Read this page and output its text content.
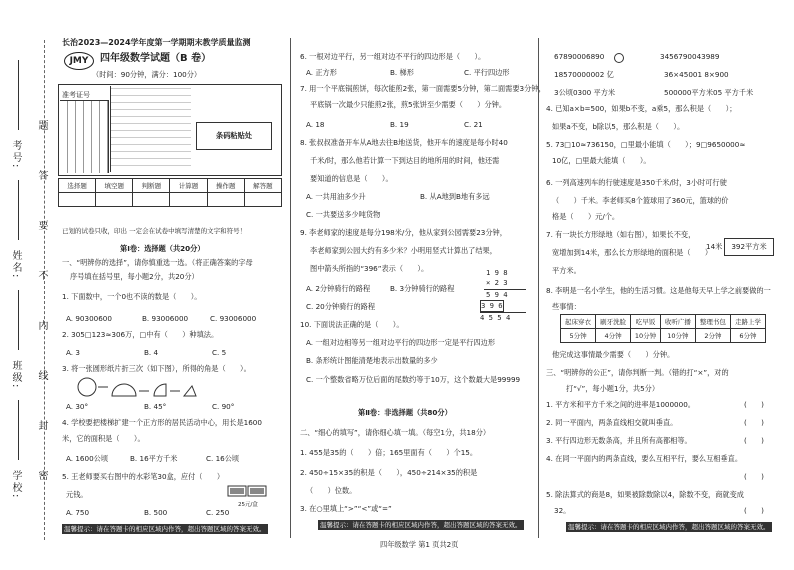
学校:
班级:
姓名:
考号:
密
封
线
内
不
要
答
题
长治2023—2024学年度第一学期期末教学质量监测
JMY	四年级数学试题（B 卷）
（时间：90分钟，满分：100分）
准考证号
条码粘贴处
选择题	填空题	判断题	计算题	操作题	解答题

已划的试卷只收，印出 一定会在试卷中填写清楚的文字和符号！
第Ⅰ卷：选择题（共20分）
一、“明辨你的选择”，请你慎重选一选。（将正确答案的字母
序号填在括号里，每小题2分，共20分）
1. 下面数中，一个0也不读的数是（　　）。
A. 90300600	B. 93006000	C. 93006000
2. 305□123≈306万，□中有（　　）种填法。
A. 3	B. 4	C. 5
3. 将一张圆形纸片折三次（如下图），所得的角是（　　）。
A. 30°	B. 45°	C. 90°
4. 学校要把楼梯扩建一个正方形的居民活动中心，用长是1600
米，它的面积是（　　）。
A. 1600公顷	B. 16平方千米	C. 16公顷
5. 王老师要买右图中的水彩笔30盒，应付（　　）
元钱。
25元/盒
A. 750	B. 500	C. 250
温馨提示：请在答题卡的相应区域内作答，超出答题区域的答案无效。
6. 一根对边平行，另一组对边不平行的四边形是（　　）。
A. 正方形	B. 梯形	C. 平行四边形
7. 用一个平底锅煎饼，每次能煎2张，第一面需要5分钟，第二面需要3分钟，
平底锅一次最少只能煎2张，煎5张饼至少需要（　　）分钟。
A. 18	B. 19	C. 21
8. 张叔叔准备开车从A地去往B地送货，他开车的速度是每小时40
千米/时，那么他若计算一下到达目的地所用的时间，他还需
要知道的信息是（　　）。
A. 一共用油多少升	B. 从A地到B地有多远
C. 一共要送多少吨货物
9. 李老师家的速度是每分198米/分，他从家到公园需要23分钟，
李老师家到公园大约有多少米？小明用竖式计算出了结果，
图中箭头所指的“396”表示（　　）。	1 9 8
× 2 3
5 9 4
3 9 6
4 5 5 4
A. 2分钟骑行的路程	B. 3分钟骑行的路程
C. 20分钟骑行的路程
10. 下面说法正确的是（　　）。
A. 一组对边相等另一组对边平行的四边形一定是平行四边形
B. 条形统计图能清楚地表示出数量的多少
C. 一个整数省略万位后面的尾数约等于10万，这个数最大是99999
第Ⅱ卷：非选择题（共80分）
二、“细心的填写”，请你细心填一填。（每空1分，共18分）
1. 455是35的（　　）倍；165里面有（　　）个15。
2. 450÷15×35的积是（　　），450÷214×35的积是
（　　）位数。
3. 在○里填上“>”“<”或“=”
温馨提示：请在答题卡的相应区域内作答，超出答题区域的答案无效。
四年级数学 第1 页共2页
67890006890	3456790043989
18570000002 亿	36×45001 8×900
3公顷0300 平方米	500000平方米05 平方千米
4. 已知a×b=500，如果b不变，a乘5，那么积是（　　）；
如果a不变，b除以5，那么积是（　　）。
5. 73□10≈736150，□里最小能填（　　）；9□9650000≈
10亿，□里最大能填（　　）。
6. 一列高速列车的行驶速度是350千米/时，3小时可行驶
（　　）千米。李老师买8个篮球用了360元，篮球的价
格是（　　）元/个。
7. 有一块长方形绿地（如右图），如果长不变，
宽增加到14米，那么长方形绿地的面积是（　　）
平方米。
14米	392平方米
8. 李明是一名小学生，他的生活习惯。这是他每天早上学之前要做的一
些事情：
起床穿衣	刷牙洗脸	吃早饭	收听广播	整理书包	走路上学
5分钟	4分钟	10分钟	10分钟	2分钟	6分钟
他完成这事情最少需要（　　）分钟。
三、“明辨你的公正”，请你判断一判。（错的打“×”，对的
打“√”，每小题1分，共5分）
1. 平方米和平方千米之间的进率是1000000。	(　　)
2. 同一平面内，两条直线相交就叫垂直。	(　　)
3. 平行四边形无数条高，并且所有高都相等。	(　　)
4. 在同一平面内的两条直线，要么互相平行，要么互相垂直。
(　　)
5. 除法算式的商是8，如果被除数除以4，除数不变，商就变成
32。	(　　)
温馨提示：请在答题卡的相应区域内作答，超出答题区域的答案无效。
